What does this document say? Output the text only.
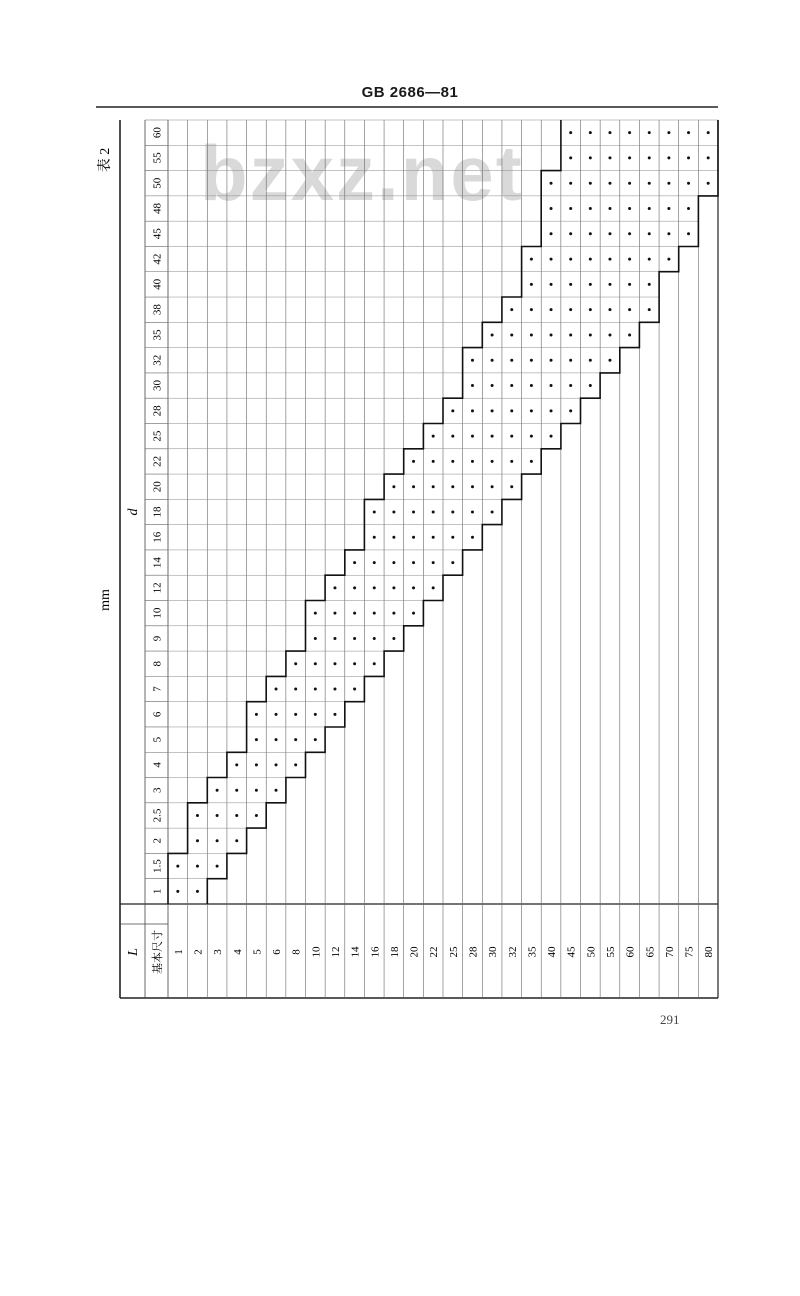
GB 2686—81
bzxz.net
1
1.5
2
2.5
3
4
5
6
7
8
9
10
12
14
16
18
20
22
25
28
30
32
35
38
40
42
45
48
50
55
60
1 2 3 4 5 6 8 10 12 14 16 18 20 22 25 28 30 32 35 40 45 50 55 60 65 70 75 80
表 2
mm
d
L 基本尺寸
291
